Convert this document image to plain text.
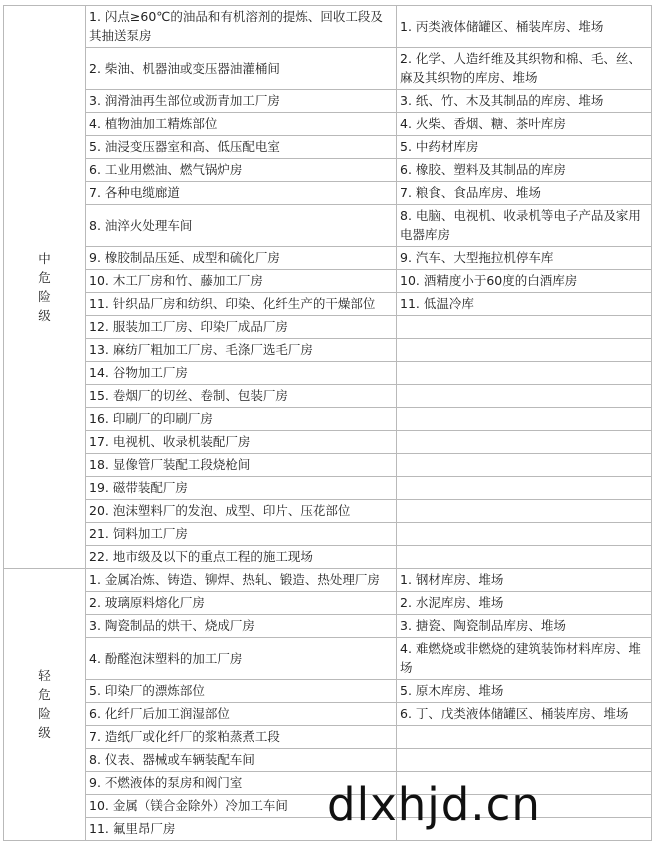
中
危
险
级	1. 闪点≥60℃的油品和有机溶剂的提炼、回收工段及其抽送泵房	1. 丙类液体储罐区、桶装库房、堆场
	2. 柴油、机器油或变压器油灌桶间	2. 化学、人造纤维及其织物和棉、毛、丝、麻及其织物的库房、堆场
	3. 润滑油再生部位或沥青加工厂房	3. 纸、竹、木及其制品的库房、堆场
	4. 植物油加工精炼部位	4. 火柴、香烟、糖、茶叶库房
	5. 油浸变压器室和高、低压配电室	5. 中药材库房
	6. 工业用燃油、燃气锅炉房	6. 橡胶、塑料及其制品的库房
	7. 各种电缆廊道	7. 粮食、食品库房、堆场
	8. 油淬火处理车间	8. 电脑、电视机、收录机等电子产品及家用电器库房
	9. 橡胶制品压延、成型和硫化厂房	9. 汽车、大型拖拉机停车库
	10. 木工厂房和竹、藤加工厂房	10. 酒精度小于60度的白酒库房
	11. 针织品厂房和纺织、印染、化纤生产的干燥部位	11. 低温冷库
	12. 服装加工厂房、印染厂成品厂房	
	13. 麻纺厂粗加工厂房、毛涤厂选毛厂房	
	14. 谷物加工厂房	
	15. 卷烟厂的切丝、卷制、包装厂房	
	16. 印刷厂的印刷厂房	
	17. 电视机、收录机装配厂房	
	18. 显像管厂装配工段烧枪间	
	19. 磁带装配厂房	
	20. 泡沫塑料厂的发泡、成型、印片、压花部位	
	21. 饲料加工厂房	
	22. 地市级及以下的重点工程的施工现场	

轻
危
险
级	1. 金属冶炼、铸造、铆焊、热轧、锻造、热处理厂房	1. 钢材库房、堆场
	2. 玻璃原料熔化厂房	2. 水泥库房、堆场
	3. 陶瓷制品的烘干、烧成厂房	3. 搪瓷、陶瓷制品库房、堆场
	4. 酚醛泡沫塑料的加工厂房	4. 难燃烧或非燃烧的建筑装饰材料库房、堆场
	5. 印染厂的漂炼部位	5. 原木库房、堆场
	6. 化纤厂后加工润湿部位	6. 丁、戊类液体储罐区、桶装库房、堆场
	7. 造纸厂或化纤厂的浆粕蒸煮工段	
	8. 仪表、器械或车辆装配车间	
	9. 不燃液体的泵房和阀门室	
	10. 金属（镁合金除外）冷加工车间	
	11. 氟里昂厂房		dlxhjd.cn
